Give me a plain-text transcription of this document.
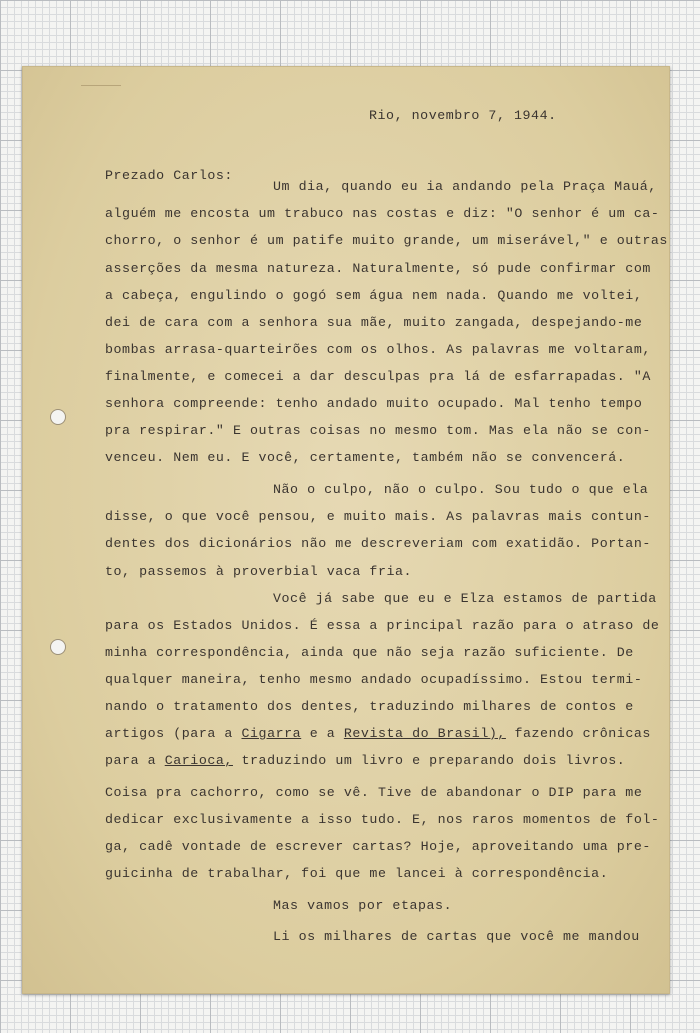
Rio, novembro 7, 1944.
Prezado Carlos:
Um dia, quando eu ia andando pela Praça Mauá,
alguém me encosta um trabuco nas costas e diz: "O senhor é um ca-
chorro, o senhor é um patife muito grande, um miserável," e outras
asserções da mesma natureza. Naturalmente, só pude confirmar com
a cabeça, engulindo o gogó sem água nem nada. Quando me voltei,
dei de cara com a senhora sua mãe, muito zangada, despejando-me
bombas arrasa-quarteirões com os olhos. As palavras me voltaram,
finalmente, e comecei a dar desculpas pra lá de esfarrapadas. "A
senhora compreende: tenho andado muito ocupado. Mal tenho tempo
pra respirar." E outras coisas no mesmo tom. Mas ela não se con-
venceu. Nem eu. E você, certamente, também não se convencerá.
Não o culpo, não o culpo. Sou tudo o que ela
disse, o que você pensou, e muito mais. As palavras mais contun-
dentes dos dicionários não me descreveriam com exatidão. Portan-
to, passemos à proverbial vaca fria.
Você já sabe que eu e Elza estamos de partida
para os Estados Unidos. É essa a principal razão para o atraso de
minha correspondência, ainda que não seja razão suficiente. De
qualquer maneira, tenho mesmo andado ocupadíssimo. Estou termi-
nando o tratamento dos dentes, traduzindo milhares de contos e
artigos (para a Cigarra e a Revista do Brasil), fazendo crônicas
para a Carioca, traduzindo um livro e preparando dois livros.
Coisa pra cachorro, como se vê. Tive de abandonar o DIP para me
dedicar exclusivamente a isso tudo. E, nos raros momentos de fol-
ga, cadê vontade de escrever cartas? Hoje, aproveitando uma pre-
guicinha de trabalhar, foi que me lancei à correspondência.
Mas vamos por etapas.
Li os milhares de cartas que você me mandou
